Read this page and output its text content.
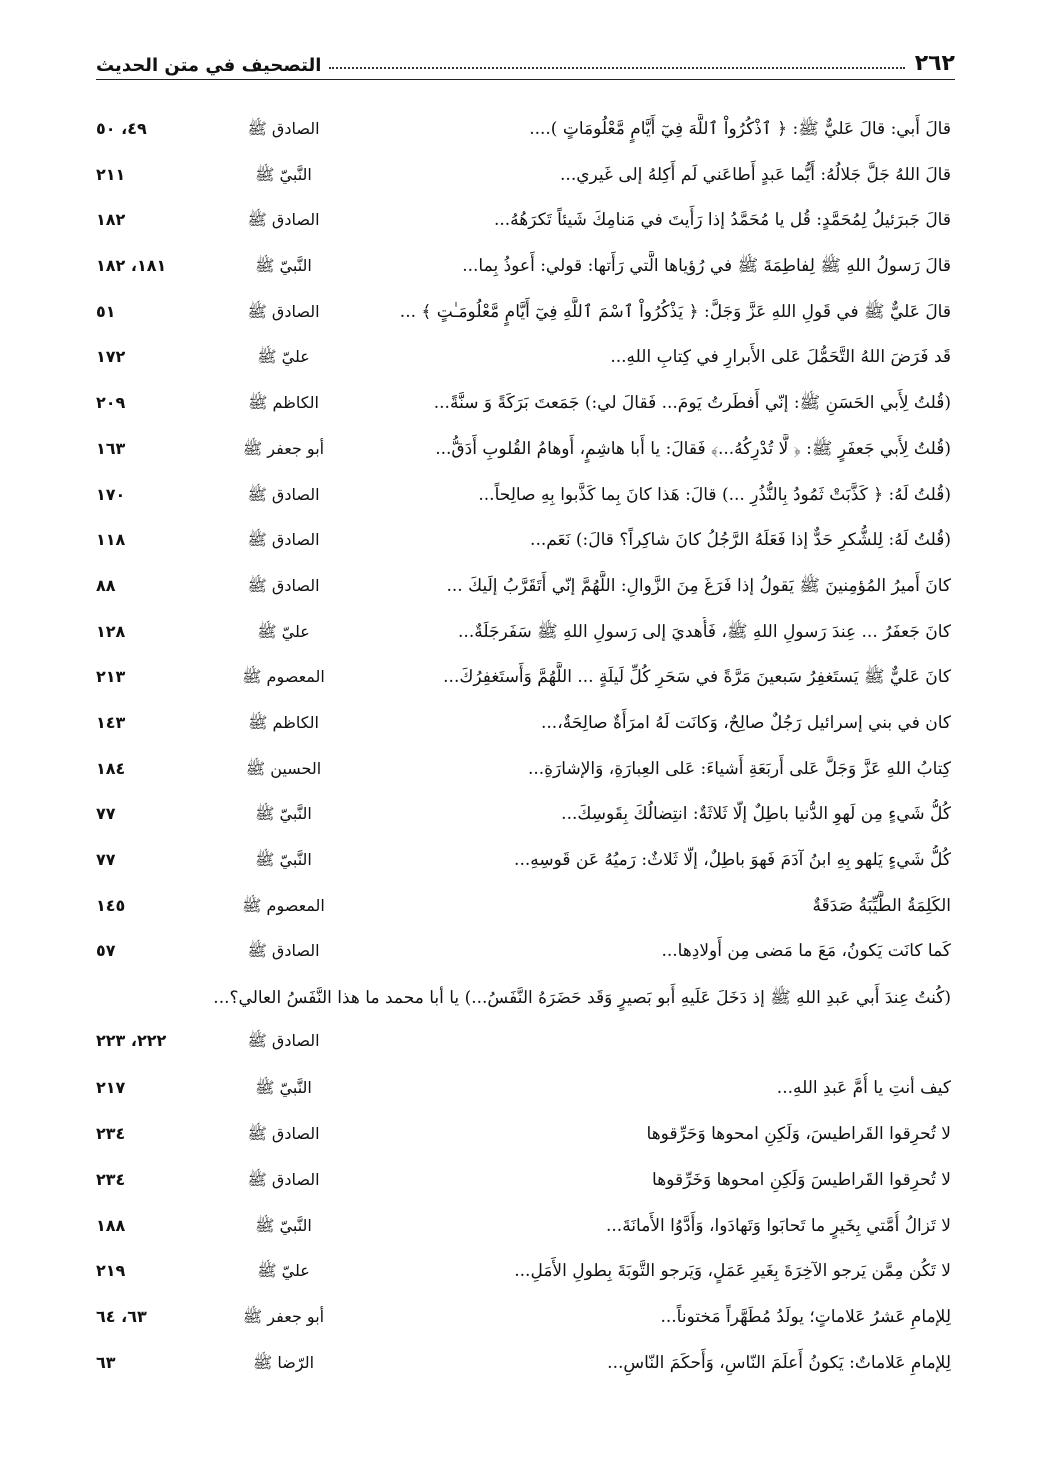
٢٦٢
التصحيف في متن الحديث
قالَ أَبي: قالَ عَليٌّ ﷺ: ﴿ ٱذْكُرُواْ ٱللَّهَ فِيٓ أَيَّامٍ مَّعْلُومَاتٍ )....
الصادق ﷺ
٤٩، ٥٠
قالَ اللهُ جَلَّ جَلالُهُ: أَيُّما عَبدٍ أَطاعَني لَم أَكِلهُ إلى غَيري...
النَّبيّ ﷺ
٢١١
قالَ جَبرَئيلُ لِمُحَمَّدٍ: قُل يا مُحَمَّدُ إذا رَأَيتَ في مَنامِكَ شَيئاً تَكرَهُهُ...
الصادق ﷺ
١٨٢
قالَ رَسولُ اللهِ ﷺ لِفاطِمَةَ ﷺ في رُؤياها الَّتي رَأَتها: قولي: أَعوذُ بِما...
النَّبيّ ﷺ
١٨١، ١٨٢
قالَ عَليٌّ ﷺ في قَولِ اللهِ عَزَّ وَجَلَّ: ﴿ يَذْكُرُواْ ٱسْمَ ٱللَّهِ فِيٓ أَيَّامٍ مَّعْلُومَـٰتٍ ﴾ ...
الصادق ﷺ
٥١
قَد فَرَضَ اللهُ التَّحَمُّلَ عَلى الأَبرارِ في كِتابِ اللهِ...
عليّ ﷺ
١٧٢
(قُلتُ لِأَبي الحَسَنِ ﷺ: إنّي أَفطَرتُ يَومَ... فَقالَ لي:) جَمَعتَ بَرَكَةً وَ سنَّةً...
الكاظم ﷺ
٢٠٩
(قُلتُ لِأَبي جَعفَرٍ ﷺ: ﴿ لَّا تُدْرِكُهُ...﴾ فَقالَ: يا أَبا هاشِمٍ، أَوهامُ القُلوبِ أَدَقُّ...
أبو جعفر ﷺ
١٦٣
(قُلتُ لَهُ: ﴿ كَذَّبَتْ ثَمُودُ بِالنُّذُرِ ...) قالَ: هَذا كانَ بِما كَذَّبوا بِهِ صالِحاً...
الصادق ﷺ
١٧٠
(قُلتُ لَهُ: لِلشُّكرِ حَدٌّ إذا فَعَلَهُ الرَّجُلُ كانَ شاكِراً؟ قالَ:) نَعَم...
الصادق ﷺ
١١٨
كانَ أَميرُ المُؤمِنينَ ﷺ يَقولُ إذا فَرَغَ مِنَ الزَّوالِ: اللَّهُمَّ إنّي أَتَقَرَّبُ إلَيكَ ...
الصادق ﷺ
٨٨
كانَ جَعفَرُ ... عِندَ رَسولِ اللهِ ﷺ، فَأُهديَ إلى رَسولِ اللهِ ﷺ سَفَرجَلَةٌ...
عليّ ﷺ
١٢٨
كانَ عَليٌّ ﷺ يَستَغفِرُ سَبعينَ مَرَّةً في سَحَرِ كُلِّ لَيلَةٍ ... اللَّهُمَّ وَأَستَغفِرُكَ...
المعصوم ﷺ
٢١٣
كان في بني إسرائيل رَجُلٌ صالِحٌ، وَكانَت لَهُ امرَأَةٌ صالِحَةٌ،...
الكاظم ﷺ
١٤٣
كِتابُ اللهِ عَزَّ وَجَلَّ عَلى أَربَعَةِ أَشياءَ: عَلى العِبارَةِ، وَالإشارَةِ...
الحسين ﷺ
١٨٤
كُلُّ شَيءٍ مِن لَهوِ الدُّنيا باطِلٌ إلّا ثَلاثَةٌ: انتِضالُكَ بِقَوسِكَ...
النَّبيّ ﷺ
٧٧
كُلُّ شَيءٍ يَلهو بِهِ ابنُ آدَمَ فَهوَ باطِلٌ، إلّا ثَلاثٌ: رَميُهُ عَن قَوسِهِ...
النَّبيّ ﷺ
٧٧
الكَلِمَةُ الطَّيِّبَةُ صَدَقَةٌ
المعصوم ﷺ
١٤٥
كَما كانَت يَكونُ، مَعَ ما مَضى مِن أَولادِها...
الصادق ﷺ
٥٧
(كُنتُ عِندَ أَبي عَبدِ اللهِ ﷺ إذ دَخَلَ عَلَيهِ أَبو بَصيرٍ وَقَد حَضَرَهُ النَّفَسُ...) يا أبا محمد ما هذا النَّفَسُ العالي؟...
الصادق ﷺ
٢٢٢، ٢٢٣
كيف أنتِ يا أُمَّ عَبدِ اللهِ...
النَّبيّ ﷺ
٢١٧
لا تُحرِقوا القَراطيسَ، وَلَكِنِ امحوها وَحَرِّقوها
الصادق ﷺ
٢٣٤
لا تُحرِقوا القَراطيسَ وَلَكِنِ امحوها وَخَرِّقوها
الصادق ﷺ
٢٣٤
لا تَزالُ أُمَّتي بِخَيرٍ ما تَحابَوا وَتَهادَوا، وَأَدَّوُا الأَمانَةَ...
النَّبيّ ﷺ
١٨٨
لا تَكُن مِمَّن يَرجو الآخِرَةَ بِغَيرِ عَمَلٍ، وَيَرجو التَّوبَةَ بِطولِ الأَمَلِ...
عليّ ﷺ
٢١٩
لِلإمامِ عَشرُ عَلاماتٍ؛ يولَدُ مُطَهَّراً مَختوناً...
أبو جعفر ﷺ
٦٣، ٦٤
لِلإمامِ عَلاماتٌ: يَكونُ أَعلَمَ النّاسِ، وَأَحكَمَ النّاسِ...
الرّضا ﷺ
٦٣
